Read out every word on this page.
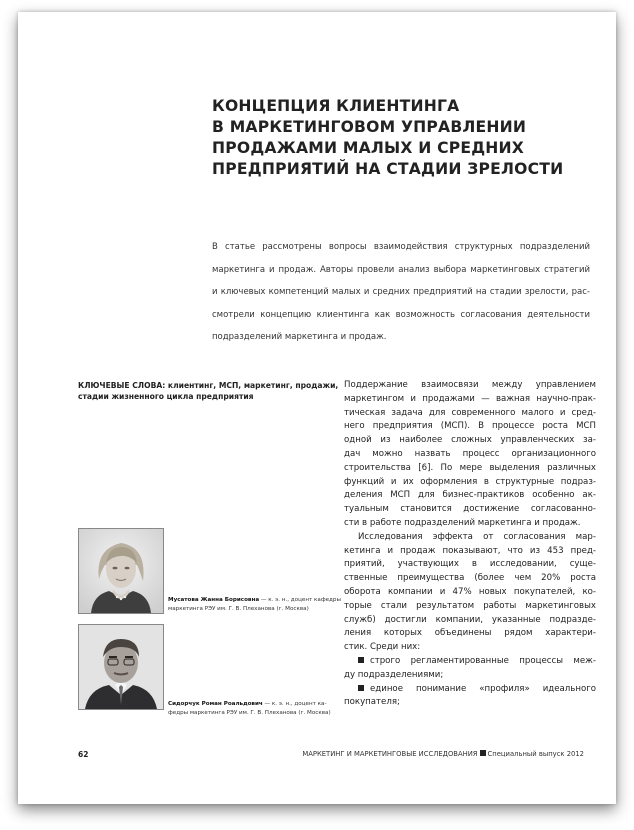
КОНЦЕПЦИЯ КЛИЕНТИНГА
В МАРКЕТИНГОВОМ УПРАВЛЕНИИ
ПРОДАЖАМИ МАЛЫХ И СРЕДНИХ
ПРЕДПРИЯТИЙ НА СТАДИИ ЗРЕЛОСТИ
В статье рассмотрены вопросы взаимодействия структурных подразделений
маркетинга и продаж. Авторы провели анализ выбора маркетинговых стратегий
и ключевых компетенций малых и средних предприятий на стадии зрелости, рас-
смотрели концепцию клиентинга как возможность согласования деятельности
подразделений маркетинга и продаж.
КЛЮЧЕВЫЕ СЛОВА: клиентинг, МСП, маркетинг, продажи,
стадии жизненного цикла предприятия
Поддержание взаимосвязи между управлением
маркетингом и продажами — важная научно-прак-
тическая задача для современного малого и сред-
него предприятия (МСП). В процессе роста МСП
одной из наиболее сложных управленческих за-
дач можно назвать процесс организационного
строительства [6]. По мере выделения различных
функций и их оформления в структурные подраз-
деления МСП для бизнес-практиков особенно ак-
туальным становится достижение согласованно-
сти в работе подразделений маркетинга и продаж.
Исследования эффекта от согласования мар-
кетинга и продаж показывают, что из 453 пред-
приятий, участвующих в исследовании, суще-
ственные преимущества (более чем 20% роста
оборота компании и 47% новых покупателей, ко-
торые стали результатом работы маркетинговых
служб) достигли компании, указанные подразде-
ления которых объединены рядом характери-
стик. Среди них:
строго регламентированные процессы меж-
ду подразделениями;
единое понимание «профиля» идеального
покупателя;
Мусатова Жанна Борисовна — к. э. н., доцент кафедры
маркетинга РЭУ им. Г. В. Плеханова (г. Москва)
Сидорчук Роман Роальдович — к. э. н., доцент ка-
федры маркетинга РЭУ им. Г. В. Плеханова (г. Москва)
62	МАРКЕТИНГ И МАРКЕТИНГОВЫЕ ИССЛЕДОВАНИЯ Специальный выпуск 2012
